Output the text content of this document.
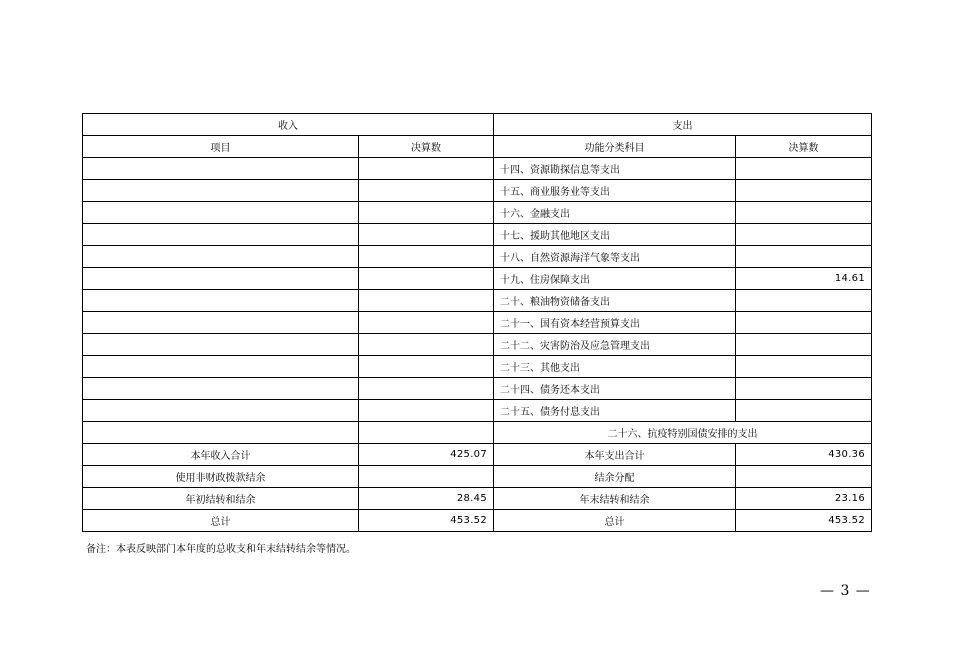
收入		支出	
项目	决算数	功能分类科目	决算数
		十四、资源勘探信息等支出	
		十五、商业服务业等支出	
		十六、金融支出	
		十七、援助其他地区支出	
		十八、自然资源海洋气象等支出	
		十九、住房保障支出	14.61
		二十、粮油物资储备支出	
		二十一、国有资本经营预算支出	
		二十二、灾害防治及应急管理支出	
		二十三、其他支出	
		二十四、债务还本支出	
		二十五、债务付息支出	
		二十六、抗疫特别国债安排的支出	
本年收入合计	425.07	本年支出合计	430.36
使用非财政拨款结余		结余分配	
年初结转和结余	28.45	年末结转和结余	23.16
总计	453.52	总计	453.52
备注：本表反映部门本年度的总收支和年末结转结余等情况。
— 3 —
